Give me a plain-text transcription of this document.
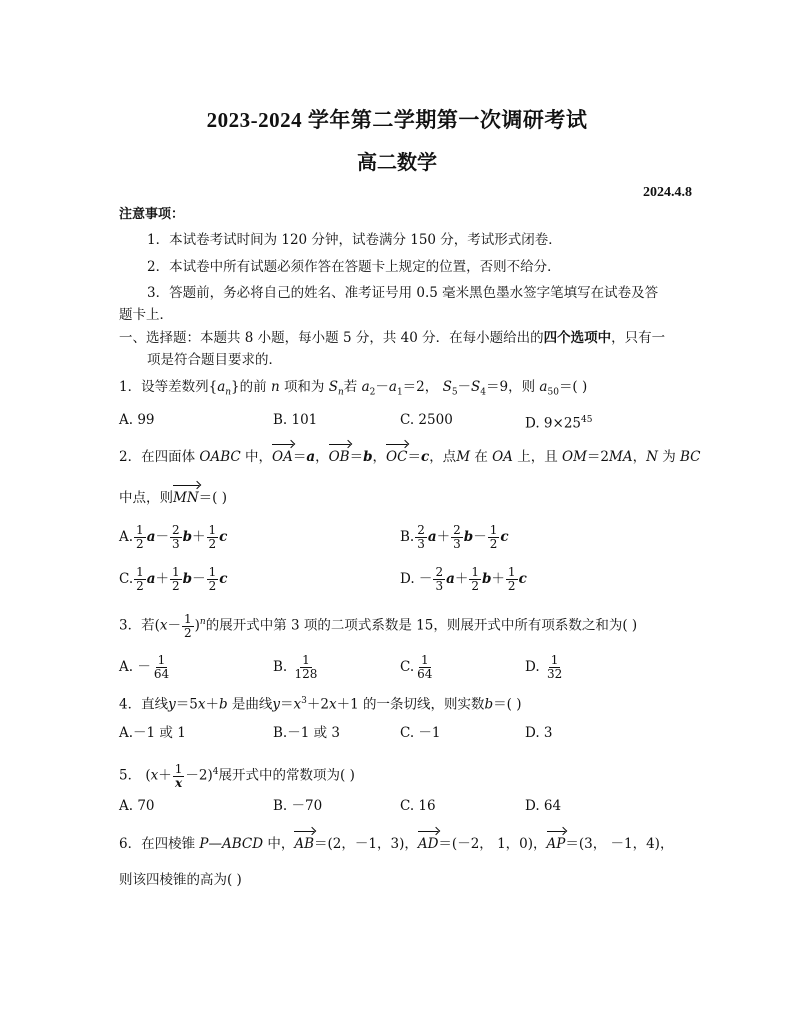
2023-2024 学年第二学期第一次调研考试
高二数学
2024.4.8
注意事项：
1．本试卷考试时间为 120 分钟，试卷满分 150 分，考试形式闭卷．
2．本试卷中所有试题必须作答在答题卡上规定的位置，否则不给分．
3．答题前，务必将自己的姓名、准考证号用 0.5 毫米黑色墨水签字笔填写在试卷及答
题卡上．
一、选择题：本题共 8 小题，每小题 5 分，共 40 分．在每小题给出的四个选项中，只有一
项是符合题目要求的．
1．设等差数列$\{a_n\}$的前 n 项和为 $S_n$若 $a_2-a_1=2$， $S_5-S_4=9$，则 $a_{50}=$( )
A. 99	B. 101	C. 2500	D. $9\times 25^{45}$
2．在四面体 OABC 中，OA＝a，OB＝b，OC＝c，点M 在 OA 上，且 OM＝2MA，N 为 BC
中点，则MN＝( )
A. $\frac{1}{2} a- \frac{2}{3} b+ \frac{1}{2}$ c	B. $\frac{2}{3} a+ \frac{2}{3} b- \frac{1}{2}$ c
C. $\frac{1}{2} a+ \frac{1}{2} b- \frac{1}{2}$ c	D. － $\frac{2}{3} a+ \frac{1}{2} b+ \frac{1}{2}$ c
3．若$(x- \frac{1}{2} )^n$的展开式中第 3 项的二项式系数是 15，则展开式中所有项系数之和为( )
A. － $\frac{1}{64}$	B. $\frac{1}{128}$	C. $\frac{1}{64}$	D. $\frac{1}{32}$
4．直线y＝5x＋b 是曲线$y=x^3+2x+1$ 的一条切线，则实数b＝( )
A.－1 或 1	B.－1 或 3	C. －1	D. 3
5． $(x+ \frac{1}{x} -2)^4$展开式中的常数项为( )
A. 70	B. －70	C. 16	D. 64
6．在四棱锥 P—ABCD 中，AB＝(2，－1，3)，AD＝(－2， 1，0)，AP＝(3， －1，4)，
则该四棱锥的高为( )
